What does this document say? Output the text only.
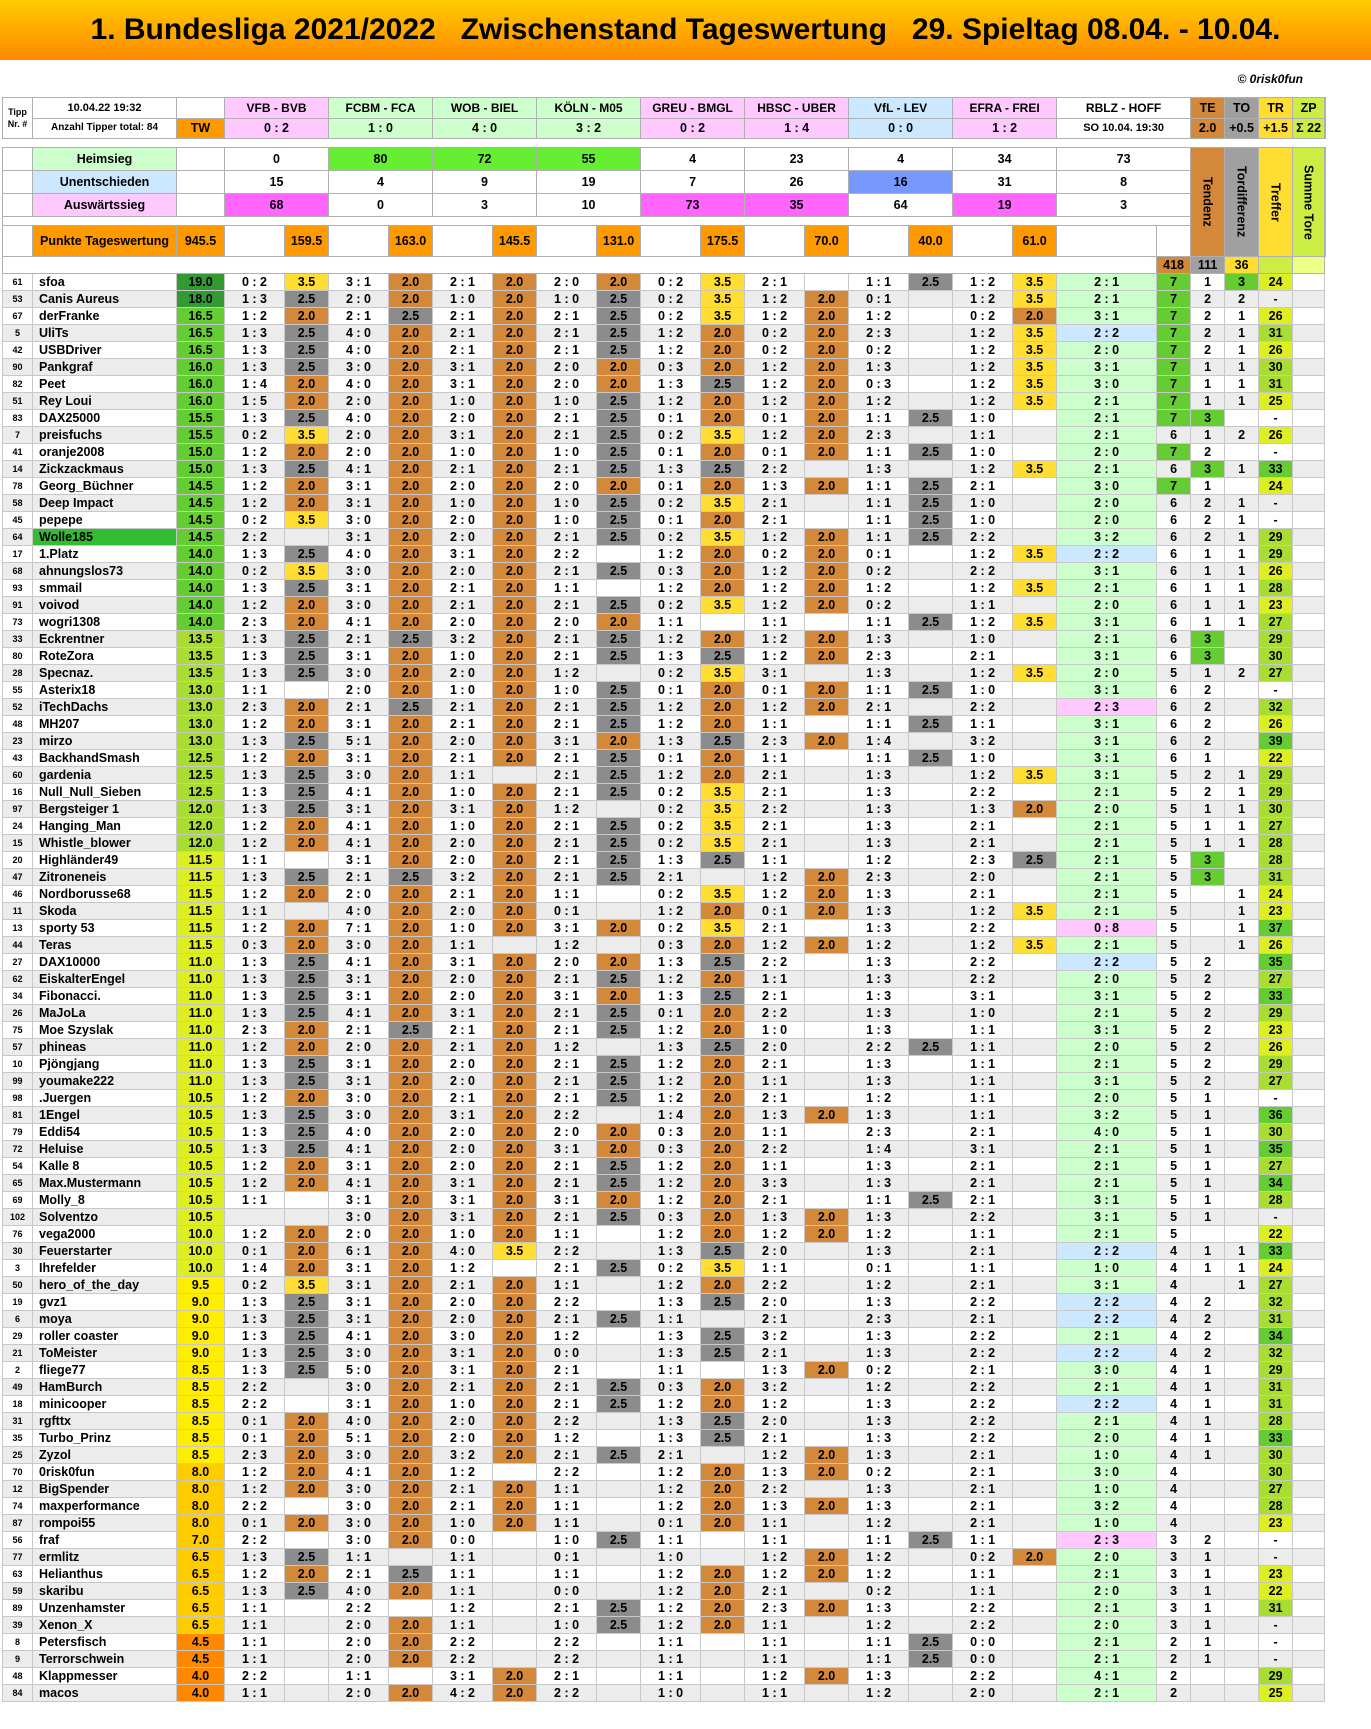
1. Bundesliga 2021/2022   Zwischenstand Tageswertung   29. Spieltag 08.04. - 10.04.
© 0risk0fun
Tipp Nr. #	10.04.22 19:32		VFB - BVB		FCBM - FCA		WOB - BIEL		KÖLN - M05		GREU - BMGL		HBSC - UBER		VfL - LEV		EFRA - FREI		RBLZ - HOFF		TE	TO	TR	ZP	
	Anzahl Tipper total: 84	TW	0 : 2		1 : 0		4 : 0		3 : 2		0 : 2		1 : 4		0 : 0		1 : 2		SO 10.04. 19:30		2.0	+0.5	+1.5	Σ 22	

	Heimsieg		0		80		72		55		4		23		4		34		73		Tendenz	Tordifferenz	Treffer	Summe Tore	
	Unentschieden		15		4		9		19		7		26		16		31		8						
	Auswärtssieg		68		0		3		10		73		35		64		19		3						

	Punkte Tageswertung	945.5		159.5		163.0		145.5		131.0		175.5		70.0		40.0		61.0							
																				418	111	36			
61	sfoa	19.0	0 : 2	3.5	3 : 1	2.0	2 : 1	2.0	2 : 0	2.0	0 : 2	3.5	2 : 1		1 : 1	2.5	1 : 2	3.5	2 : 1	7	1	3	24		
53	Canis Aureus	18.0	1 : 3	2.5	2 : 0	2.0	1 : 0	2.0	1 : 0	2.5	0 : 2	3.5	1 : 2	2.0	0 : 1		1 : 2	3.5	2 : 1	7	2	2	-		
67	derFranke	16.5	1 : 2	2.0	2 : 1	2.5	2 : 1	2.0	2 : 1	2.5	0 : 2	3.5	1 : 2	2.0	1 : 2		0 : 2	2.0	3 : 1	7	2	1	26		
5	UliTs	16.5	1 : 3	2.5	4 : 0	2.0	2 : 1	2.0	2 : 1	2.5	1 : 2	2.0	0 : 2	2.0	2 : 3		1 : 2	3.5	2 : 2	7	2	1	31		
42	USBDriver	16.5	1 : 3	2.5	4 : 0	2.0	2 : 1	2.0	2 : 1	2.5	1 : 2	2.0	0 : 2	2.0	0 : 2		1 : 2	3.5	2 : 0	7	2	1	26		
90	Pankgraf	16.0	1 : 3	2.5	3 : 0	2.0	3 : 1	2.0	2 : 0	2.0	0 : 3	2.0	1 : 2	2.0	1 : 3		1 : 2	3.5	3 : 1	7	1	1	30		
82	Peet	16.0	1 : 4	2.0	4 : 0	2.0	3 : 1	2.0	2 : 0	2.0	1 : 3	2.5	1 : 2	2.0	0 : 3		1 : 2	3.5	3 : 0	7	1	1	31		
51	Rey Loui	16.0	1 : 5	2.0	2 : 0	2.0	1 : 0	2.0	1 : 0	2.5	1 : 2	2.0	1 : 2	2.0	1 : 2		1 : 2	3.5	2 : 1	7	1	1	25		
83	DAX25000	15.5	1 : 3	2.5	4 : 0	2.0	2 : 0	2.0	2 : 1	2.5	0 : 1	2.0	0 : 1	2.0	1 : 1	2.5	1 : 0		2 : 1	7	3		-		
7	preisfuchs	15.5	0 : 2	3.5	2 : 0	2.0	3 : 1	2.0	2 : 1	2.5	0 : 2	3.5	1 : 2	2.0	2 : 3		1 : 1		2 : 1	6	1	2	26		
41	oranje2008	15.0	1 : 2	2.0	2 : 0	2.0	1 : 0	2.0	1 : 0	2.5	0 : 1	2.0	0 : 1	2.0	1 : 1	2.5	1 : 0		2 : 0	7	2		-		
14	Zickzackmaus	15.0	1 : 3	2.5	4 : 1	2.0	2 : 1	2.0	2 : 1	2.5	1 : 3	2.5	2 : 2		1 : 3		1 : 2	3.5	2 : 1	6	3	1	33		
78	Georg_Büchner	14.5	1 : 2	2.0	3 : 1	2.0	2 : 0	2.0	2 : 0	2.0	0 : 1	2.0	1 : 3	2.0	1 : 1	2.5	2 : 1		3 : 0	7	1		24		
58	Deep Impact	14.5	1 : 2	2.0	3 : 1	2.0	1 : 0	2.0	1 : 0	2.5	0 : 2	3.5	2 : 1		1 : 1	2.5	1 : 0		2 : 0	6	2	1	-		
45	pepepe	14.5	0 : 2	3.5	3 : 0	2.0	2 : 0	2.0	1 : 0	2.5	0 : 1	2.0	2 : 1		1 : 1	2.5	1 : 0		2 : 0	6	2	1	-		
64	Wolle185	14.5	2 : 2		3 : 1	2.0	2 : 0	2.0	2 : 1	2.5	0 : 2	3.5	1 : 2	2.0	1 : 1	2.5	2 : 2		3 : 2	6	2	1	29		
17	1.Platz	14.0	1 : 3	2.5	4 : 0	2.0	3 : 1	2.0	2 : 2		1 : 2	2.0	0 : 2	2.0	0 : 1		1 : 2	3.5	2 : 2	6	1	1	29		
68	ahnungslos73	14.0	0 : 2	3.5	3 : 0	2.0	2 : 0	2.0	2 : 1	2.5	0 : 3	2.0	1 : 2	2.0	0 : 2		2 : 2		3 : 1	6	1	1	26		
93	smmail	14.0	1 : 3	2.5	3 : 1	2.0	2 : 1	2.0	1 : 1		1 : 2	2.0	1 : 2	2.0	1 : 2		1 : 2	3.5	2 : 1	6	1	1	28		
91	voivod	14.0	1 : 2	2.0	3 : 0	2.0	2 : 1	2.0	2 : 1	2.5	0 : 2	3.5	1 : 2	2.0	0 : 2		1 : 1		2 : 0	6	1	1	23		
73	wogri1308	14.0	2 : 3	2.0	4 : 1	2.0	2 : 0	2.0	2 : 0	2.0	1 : 1		1 : 1		1 : 1	2.5	1 : 2	3.5	3 : 1	6	1	1	27		
33	Eckrentner	13.5	1 : 3	2.5	2 : 1	2.5	3 : 2	2.0	2 : 1	2.5	1 : 2	2.0	1 : 2	2.0	1 : 3		1 : 0		2 : 1	6	3		29		
80	RoteZora	13.5	1 : 3	2.5	3 : 1	2.0	1 : 0	2.0	2 : 1	2.5	1 : 3	2.5	1 : 2	2.0	2 : 3		2 : 1		3 : 1	6	3		30		
28	Specnaz.	13.5	1 : 3	2.5	3 : 0	2.0	2 : 0	2.0	1 : 2		0 : 2	3.5	3 : 1		1 : 3		1 : 2	3.5	2 : 0	5	1	2	27		
55	Asterix18	13.0	1 : 1		2 : 0	2.0	1 : 0	2.0	1 : 0	2.5	0 : 1	2.0	0 : 1	2.0	1 : 1	2.5	1 : 0		3 : 1	6	2		-		
52	iTechDachs	13.0	2 : 3	2.0	2 : 1	2.5	2 : 1	2.0	2 : 1	2.5	1 : 2	2.0	1 : 2	2.0	2 : 1		2 : 2		2 : 3	6	2		32		
48	MH207	13.0	1 : 2	2.0	3 : 1	2.0	2 : 1	2.0	2 : 1	2.5	1 : 2	2.0	1 : 1		1 : 1	2.5	1 : 1		3 : 1	6	2		26		
23	mirzo	13.0	1 : 3	2.5	5 : 1	2.0	2 : 0	2.0	3 : 1	2.0	1 : 3	2.5	2 : 3	2.0	1 : 4		3 : 2		3 : 1	6	2		39		
43	BackhandSmash	12.5	1 : 2	2.0	3 : 1	2.0	2 : 1	2.0	2 : 1	2.5	0 : 1	2.0	1 : 1		1 : 1	2.5	1 : 0		3 : 1	6	1		22		
60	gardenia	12.5	1 : 3	2.5	3 : 0	2.0	1 : 1		2 : 1	2.5	1 : 2	2.0	2 : 1		1 : 3		1 : 2	3.5	3 : 1	5	2	1	29		
16	Null_Null_Sieben	12.5	1 : 3	2.5	4 : 1	2.0	1 : 0	2.0	2 : 1	2.5	0 : 2	3.5	2 : 1		1 : 3		2 : 2		2 : 1	5	2	1	29		
97	Bergsteiger 1	12.0	1 : 3	2.5	3 : 1	2.0	3 : 1	2.0	1 : 2		0 : 2	3.5	2 : 2		1 : 3		1 : 3	2.0	2 : 0	5	1	1	30		
24	Hanging_Man	12.0	1 : 2	2.0	4 : 1	2.0	1 : 0	2.0	2 : 1	2.5	0 : 2	3.5	2 : 1		1 : 3		2 : 1		2 : 1	5	1	1	27		
15	Whistle_blower	12.0	1 : 2	2.0	4 : 1	2.0	2 : 0	2.0	2 : 1	2.5	0 : 2	3.5	2 : 1		1 : 3		2 : 1		2 : 1	5	1	1	28		
20	Highländer49	11.5	1 : 1		3 : 1	2.0	2 : 0	2.0	2 : 1	2.5	1 : 3	2.5	1 : 1		1 : 2		2 : 3	2.5	2 : 1	5	3		28		
47	Zitroneneis	11.5	1 : 3	2.5	2 : 1	2.5	3 : 2	2.0	2 : 1	2.5	2 : 1		1 : 2	2.0	2 : 3		2 : 0		2 : 1	5	3		31		
46	Nordborusse68	11.5	1 : 2	2.0	2 : 0	2.0	2 : 1	2.0	1 : 1		0 : 2	3.5	1 : 2	2.0	1 : 3		2 : 1		2 : 1	5		1	24		
11	Skoda	11.5	1 : 1		4 : 0	2.0	2 : 0	2.0	0 : 1		1 : 2	2.0	0 : 1	2.0	1 : 3		1 : 2	3.5	2 : 1	5		1	23		
13	sporty 53	11.5	1 : 2	2.0	7 : 1	2.0	1 : 0	2.0	3 : 1	2.0	0 : 2	3.5	2 : 1		1 : 3		2 : 2		0 : 8	5		1	37		
44	Teras	11.5	0 : 3	2.0	3 : 0	2.0	1 : 1		1 : 2		0 : 3	2.0	1 : 2	2.0	1 : 2		1 : 2	3.5	2 : 1	5		1	26		
27	DAX10000	11.0	1 : 3	2.5	4 : 1	2.0	3 : 1	2.0	2 : 0	2.0	1 : 3	2.5	2 : 2		1 : 3		2 : 2		2 : 2	5	2		35		
62	EiskalterEngel	11.0	1 : 3	2.5	3 : 1	2.0	2 : 0	2.0	2 : 1	2.5	1 : 2	2.0	1 : 1		1 : 3		2 : 2		2 : 0	5	2		27		
34	Fibonacci.	11.0	1 : 3	2.5	3 : 1	2.0	2 : 0	2.0	3 : 1	2.0	1 : 3	2.5	2 : 1		1 : 3		3 : 1		3 : 1	5	2		33		
26	MaJoLa	11.0	1 : 3	2.5	4 : 1	2.0	3 : 1	2.0	2 : 1	2.5	0 : 1	2.0	2 : 2		1 : 3		1 : 0		2 : 1	5	2		29		
75	Moe Szyslak	11.0	2 : 3	2.0	2 : 1	2.5	2 : 1	2.0	2 : 1	2.5	1 : 2	2.0	1 : 0		1 : 3		1 : 1		3 : 1	5	2		23		
57	phineas	11.0	1 : 2	2.0	2 : 0	2.0	2 : 1	2.0	1 : 2		1 : 3	2.5	2 : 0		2 : 2	2.5	1 : 1		2 : 0	5	2		26		
10	Pjöngjang	11.0	1 : 3	2.5	3 : 1	2.0	2 : 0	2.0	2 : 1	2.5	1 : 2	2.0	2 : 1		1 : 3		1 : 1		2 : 1	5	2		29		
99	youmake222	11.0	1 : 3	2.5	3 : 1	2.0	2 : 0	2.0	2 : 1	2.5	1 : 2	2.0	1 : 1		1 : 3		1 : 1		3 : 1	5	2		27		
98	.Juergen	10.5	1 : 2	2.0	3 : 0	2.0	2 : 1	2.0	2 : 1	2.5	1 : 2	2.0	2 : 1		1 : 2		1 : 1		2 : 0	5	1		-		
81	1Engel	10.5	1 : 3	2.5	3 : 0	2.0	3 : 1	2.0	2 : 2		1 : 4	2.0	1 : 3	2.0	1 : 3		1 : 1		3 : 2	5	1		36		
79	Eddi54	10.5	1 : 3	2.5	4 : 0	2.0	2 : 0	2.0	2 : 0	2.0	0 : 3	2.0	1 : 1		2 : 3		2 : 1		4 : 0	5	1		30		
72	Heluise	10.5	1 : 3	2.5	4 : 1	2.0	2 : 0	2.0	3 : 1	2.0	0 : 3	2.0	2 : 2		1 : 4		3 : 1		2 : 1	5	1		35		
54	Kalle 8	10.5	1 : 2	2.0	3 : 1	2.0	2 : 0	2.0	2 : 1	2.5	1 : 2	2.0	1 : 1		1 : 3		2 : 1		2 : 1	5	1		27		
65	Max.Mustermann	10.5	1 : 2	2.0	4 : 1	2.0	3 : 1	2.0	2 : 1	2.5	1 : 2	2.0	3 : 3		1 : 3		2 : 1		2 : 1	5	1		34		
69	Molly_8	10.5	1 : 1		3 : 1	2.0	3 : 1	2.0	3 : 1	2.0	1 : 2	2.0	2 : 1		1 : 1	2.5	2 : 1		3 : 1	5	1		28		
102	Solventzo	10.5			3 : 0	2.0	3 : 1	2.0	2 : 1	2.5	0 : 3	2.0	1 : 3	2.0	1 : 3		2 : 2		3 : 1	5	1		-		
76	vega2000	10.0	1 : 2	2.0	2 : 0	2.0	1 : 0	2.0	1 : 1		1 : 2	2.0	1 : 2	2.0	1 : 2		1 : 1		2 : 1	5			22		
30	Feuerstarter	10.0	0 : 1	2.0	6 : 1	2.0	4 : 0	3.5	2 : 2		1 : 3	2.5	2 : 0		1 : 3		2 : 1		2 : 2	4	1	1	33		
3	Ihrefelder	10.0	1 : 4	2.0	3 : 1	2.0	1 : 2		2 : 1	2.5	0 : 2	3.5	1 : 1		0 : 1		1 : 1		1 : 0	4	1	1	24		
50	hero_of_the_day	9.5	0 : 2	3.5	3 : 1	2.0	2 : 1	2.0	1 : 1		1 : 2	2.0	2 : 2		1 : 2		2 : 1		3 : 1	4		1	27		
19	gvz1	9.0	1 : 3	2.5	3 : 1	2.0	2 : 0	2.0	2 : 2		1 : 3	2.5	2 : 0		1 : 3		2 : 2		2 : 2	4	2		32		
6	moya	9.0	1 : 3	2.5	3 : 1	2.0	2 : 0	2.0	2 : 1	2.5	1 : 1		2 : 1		2 : 3		2 : 1		2 : 2	4	2		31		
29	roller coaster	9.0	1 : 3	2.5	4 : 1	2.0	3 : 0	2.0	1 : 2		1 : 3	2.5	3 : 2		1 : 3		2 : 2		2 : 1	4	2		34		
21	ToMeister	9.0	1 : 3	2.5	3 : 0	2.0	3 : 1	2.0	0 : 0		1 : 3	2.5	2 : 1		1 : 3		2 : 2		2 : 2	4	2		32		
2	fliege77	8.5	1 : 3	2.5	5 : 0	2.0	3 : 1	2.0	2 : 1		1 : 1		1 : 3	2.0	0 : 2		2 : 1		3 : 0	4	1		29		
49	HamBurch	8.5	2 : 2		3 : 0	2.0	2 : 1	2.0	2 : 1	2.5	0 : 3	2.0	3 : 2		1 : 2		2 : 2		2 : 1	4	1		31		
18	minicooper	8.5	2 : 2		3 : 1	2.0	1 : 0	2.0	2 : 1	2.5	1 : 2	2.0	1 : 2		1 : 3		2 : 2		2 : 2	4	1		31		
31	rgfttx	8.5	0 : 1	2.0	4 : 0	2.0	2 : 0	2.0	2 : 2		1 : 3	2.5	2 : 0		1 : 3		2 : 2		2 : 1	4	1		28		
35	Turbo_Prinz	8.5	0 : 1	2.0	5 : 1	2.0	2 : 0	2.0	1 : 2		1 : 3	2.5	2 : 1		1 : 3		2 : 2		2 : 0	4	1		33		
25	Zyzol	8.5	2 : 3	2.0	3 : 0	2.0	3 : 2	2.0	2 : 1	2.5	2 : 1		1 : 2	2.0	1 : 3		2 : 1		1 : 0	4	1		30		
70	0risk0fun	8.0	1 : 2	2.0	4 : 1	2.0	1 : 2		2 : 2		1 : 2	2.0	1 : 3	2.0	0 : 2		2 : 1		3 : 0	4			30		
12	BigSpender	8.0	1 : 2	2.0	3 : 0	2.0	2 : 1	2.0	1 : 1		1 : 2	2.0	2 : 2		1 : 3		2 : 1		1 : 0	4			27		
74	maxperformance	8.0	2 : 2		3 : 0	2.0	2 : 1	2.0	1 : 1		1 : 2	2.0	1 : 3	2.0	1 : 3		2 : 1		3 : 2	4			28		
87	rompoi55	8.0	0 : 1	2.0	3 : 0	2.0	1 : 0	2.0	1 : 1		0 : 1	2.0	1 : 1		1 : 2		2 : 1		1 : 0	4			23		
56	fraf	7.0	2 : 2		3 : 0	2.0	0 : 0		1 : 0	2.5	1 : 1		1 : 1		1 : 1	2.5	1 : 1		2 : 3	3	2		-		
77	ermlitz	6.5	1 : 3	2.5	1 : 1		1 : 1		0 : 1		1 : 0		1 : 2	2.0	1 : 2		0 : 2	2.0	2 : 0	3	1		-		
63	Helianthus	6.5	1 : 2	2.0	2 : 1	2.5	1 : 1		1 : 1		1 : 2	2.0	1 : 2	2.0	1 : 2		1 : 1		2 : 1	3	1		23		
59	skaribu	6.5	1 : 3	2.5	4 : 0	2.0	1 : 1		0 : 0		1 : 2	2.0	2 : 1		0 : 2		1 : 1		2 : 0	3	1		22		
89	Unzenhamster	6.5	1 : 1		2 : 2		1 : 2		2 : 1	2.5	1 : 2	2.0	2 : 3	2.0	1 : 3		2 : 2		2 : 1	3	1		31		
39	Xenon_X	6.5	1 : 1		2 : 0	2.0	1 : 1		1 : 0	2.5	1 : 2	2.0	1 : 1		1 : 2		2 : 2		2 : 0	3	1		-		
8	Petersfisch	4.5	1 : 1		2 : 0	2.0	2 : 2		2 : 2		1 : 1		1 : 1		1 : 1	2.5	0 : 0		2 : 1	2	1		-		
9	Terrorschwein	4.5	1 : 1		2 : 0	2.0	2 : 2		2 : 2		1 : 1		1 : 1		1 : 1	2.5	0 : 0		2 : 1	2	1		-		
48	Klappmesser	4.0	2 : 2		1 : 1		3 : 1	2.0	2 : 1		1 : 1		1 : 2	2.0	1 : 3		2 : 2		4 : 1	2			29		
84	macos	4.0	1 : 1		2 : 0	2.0	4 : 2	2.0	2 : 2		1 : 0		1 : 1		1 : 2		2 : 0		2 : 1	2			25		
